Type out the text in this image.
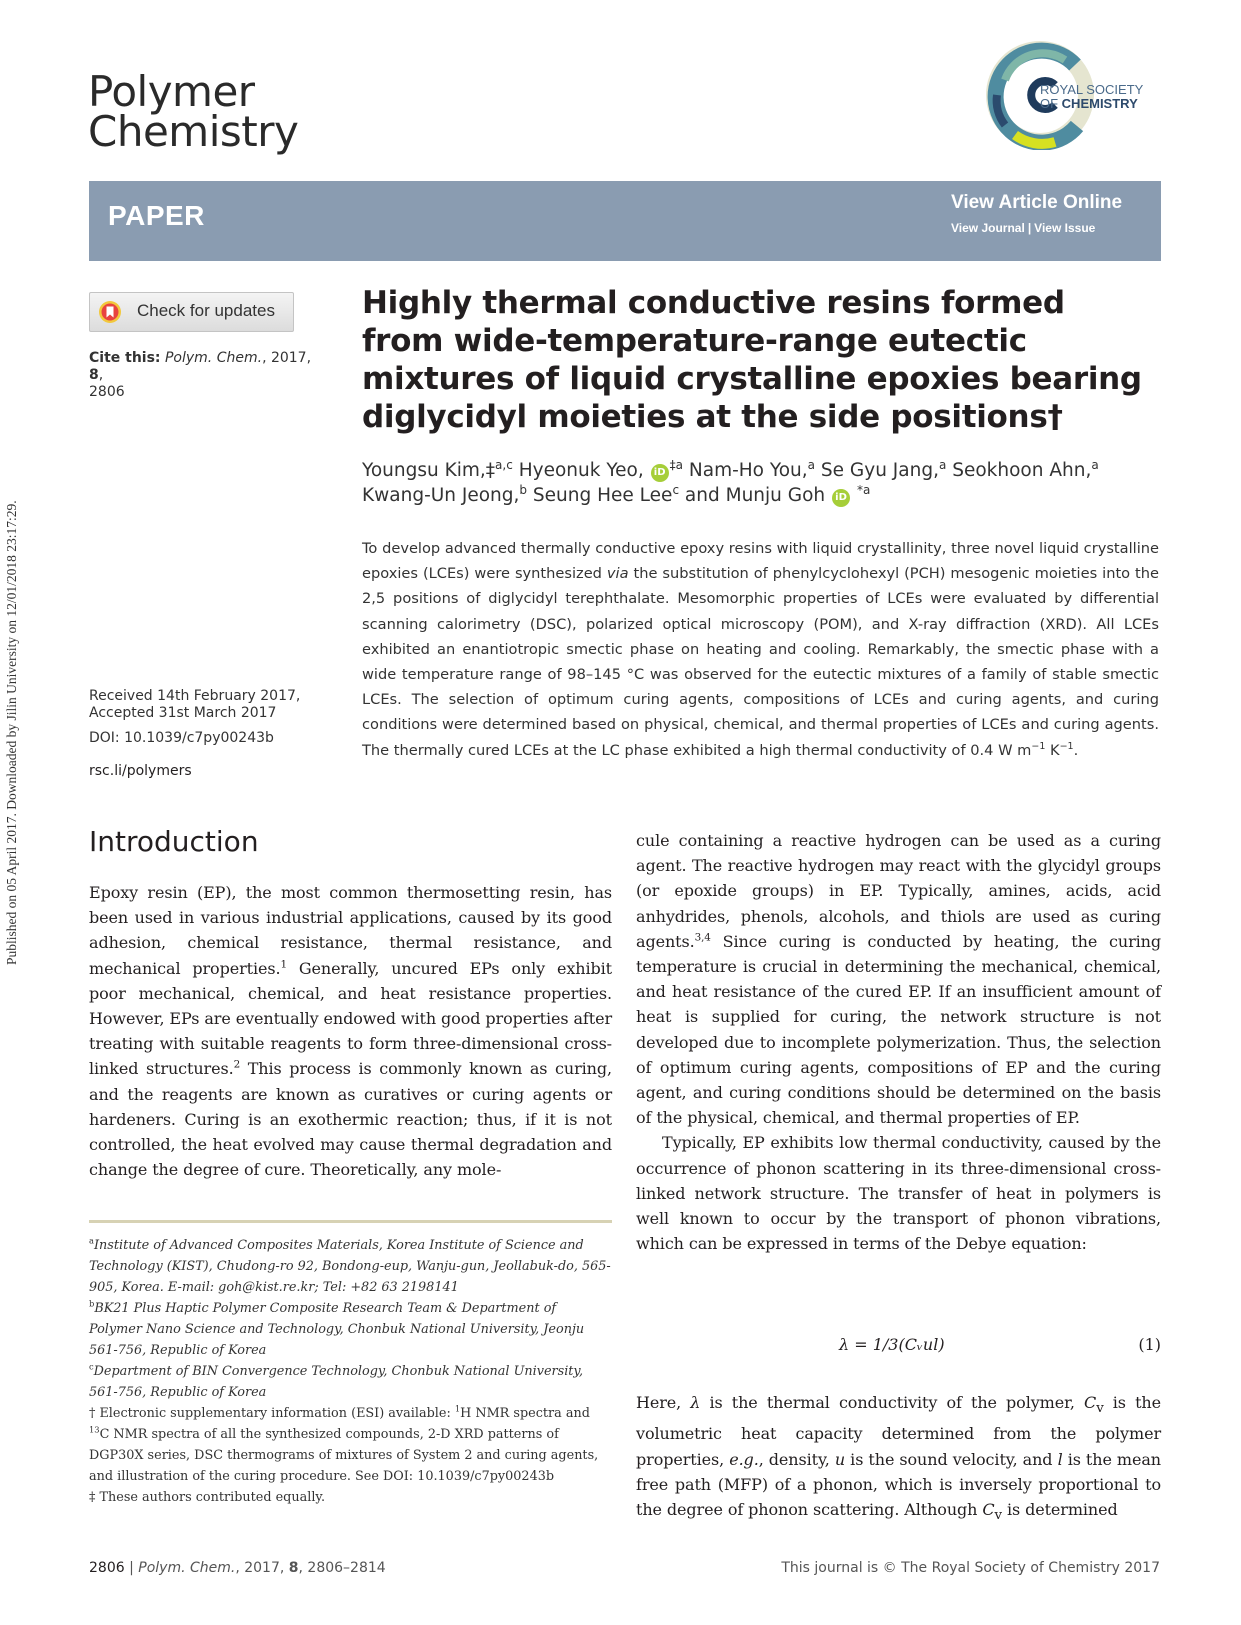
Published on 05 April 2017. Downloaded by Jilin University on 12/01/2018 23:17:29.
Polymer
Chemistry
ROYAL SOCIETY
OF CHEMISTRY
PAPER	View Article Online
View Journal | View Issue
Check for updates
Cite this: Polym. Chem., 2017, 8,
2806
Received 14th February 2017,
Accepted 31st March 2017
DOI: 10.1039/c7py00243b
rsc.li/polymers
Highly thermal conductive resins formed from wide-temperature-range eutectic mixtures of liquid crystalline epoxies bearing diglycidyl moieties at the side positions†
Youngsu Kim,‡$^{a,c}$ Hyeonuk Yeo, $iD^{\ddagger a}$ Nam-Ho You,$^a$ Se Gyu Jang,$^a$ Seokhoon Ahn,$^a$
Kwang-Un Jeong,$^b$ Seung Hee Lee$^c$ and Munju Goh iD $^{*a}$
To develop advanced thermally conductive epoxy resins with liquid crystallinity, three novel liquid crystalline epoxies (LCEs) were synthesized via the substitution of phenylcyclohexyl (PCH) mesogenic moieties into the 2,5 positions of diglycidyl terephthalate. Mesomorphic properties of LCEs were evaluated by differential scanning calorimetry (DSC), polarized optical microscopy (POM), and X-ray diffraction (XRD). All LCEs exhibited an enantiotropic smectic phase on heating and cooling. Remarkably, the smectic phase with a wide temperature range of 98–145 °C was observed for the eutectic mixtures of a family of stable smectic LCEs. The selection of optimum curing agents, compositions of LCEs and curing agents, and curing conditions were determined based on physical, chemical, and thermal properties of LCEs and curing agents. The thermally cured LCEs at the LC phase exhibited a high thermal conductivity of 0.4 W $m^{-1}$ $K^{-1}$.
Introduction

Epoxy resin (EP), the most common thermosetting resin, has been used in various industrial applications, caused by its good adhesion, chemical resistance, thermal resistance, and mechanical properties.$^1$ Generally, uncured EPs only exhibit poor mechanical, chemical, and heat resistance properties. However, EPs are eventually endowed with good properties after treating with suitable reagents to form three-dimensional cross-linked structures.$^2$ This process is commonly known as curing, and the reagents are known as curatives or curing agents or hardeners. Curing is an exothermic reaction; thus, if it is not controlled, the heat evolved may cause thermal degradation and change the degree of cure. Theoretically, any mole-

$^a$Institute of Advanced Composites Materials, Korea Institute of Science and Technology (KIST), Chudong-ro 92, Bondong-eup, Wanju-gun, Jeollabuk-do, 565-905, Korea. E-mail: goh@kist.re.kr; Tel: +82 63 2198141

$^b$BK21 Plus Haptic Polymer Composite Research Team & Department of Polymer Nano Science and Technology, Chonbuk National University, Jeonju 561-756, Republic of Korea

$^c$Department of BIN Convergence Technology, Chonbuk National University, 561-756, Republic of Korea

† Electronic supplementary information (ESI) available: $^1$H NMR spectra and $^{13}$C NMR spectra of all the synthesized compounds, 2-D XRD patterns of DGP30X series, DSC thermograms of mixtures of System 2 and curing agents, and illustration of the curing procedure. See DOI: 10.1039/c7py00243b

‡ These authors contributed equally.

cule containing a reactive hydrogen can be used as a curing agent. The reactive hydrogen may react with the glycidyl groups (or epoxide groups) in EP. Typically, amines, acids, acid anhydrides, phenols, alcohols, and thiols are used as curing agents.$^{3,4}$ Since curing is conducted by heating, the curing temperature is crucial in determining the mechanical, chemical, and heat resistance of the cured EP. If an insufficient amount of heat is supplied for curing, the network structure is not developed due to incomplete polymerization. Thus, the selection of optimum curing agents, compositions of EP and the curing agent, and curing conditions should be determined on the basis of the physical, chemical, and thermal properties of EP.

Typically, EP exhibits low thermal conductivity, caused by the occurrence of phonon scattering in its three-dimensional cross-linked network structure. The transfer of heat in polymers is well known to occur by the transport of phonon vibrations, which can be expressed in terms of the Debye equation:

λ = 1/3(Cᵥul)	(1)

Here, λ is the thermal conductivity of the polymer, $C_v$ is the volumetric heat capacity determined from the polymer properties, e.g., density, u is the sound velocity, and l is the mean free path (MFP) of a phonon, which is inversely proportional to the degree of phonon scattering. Although $C_v$ is determined

2806 | Polym. Chem., 2017, 8, 2806–2814	This journal is © The Royal Society of Chemistry 2017
